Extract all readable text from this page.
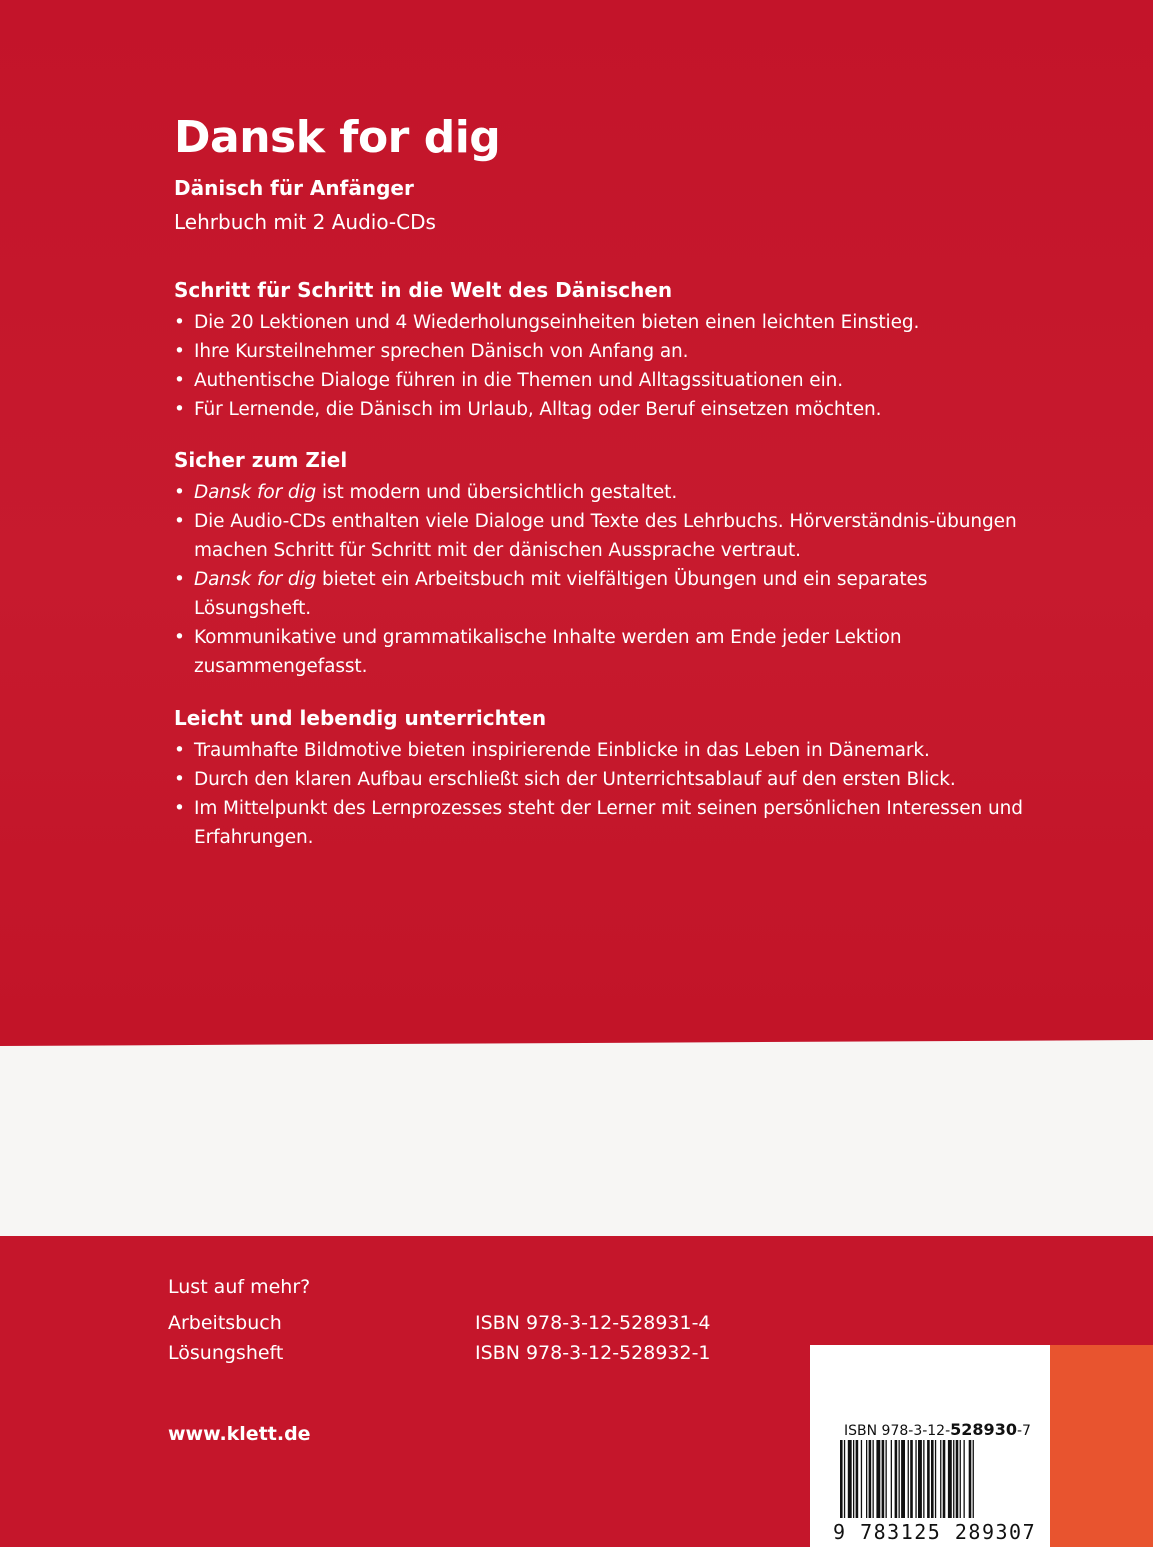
Dansk for dig
Dänisch für Anfänger
Lehrbuch mit 2 Audio-CDs
Schritt für Schritt in die Welt des Dänischen
• Die 20 Lektionen und 4 Wiederholungseinheiten bieten einen leichten Einstieg.
• Ihre Kursteilnehmer sprechen Dänisch von Anfang an.
• Authentische Dialoge führen in die Themen und Alltagssituationen ein.
• Für Lernende, die Dänisch im Urlaub, Alltag oder Beruf einsetzen möchten.
Sicher zum Ziel
• Dansk for dig ist modern und übersichtlich gestaltet.
• Die Audio-CDs enthalten viele Dialoge und Texte des Lehrbuchs. Hörverständnis-übungen machen Schritt für Schritt mit der dänischen Aussprache vertraut.
• Dansk for dig bietet ein Arbeitsbuch mit vielfältigen Übungen und ein separates Lösungsheft.
• Kommunikative und grammatikalische Inhalte werden am Ende jeder Lektion zusammengefasst.
Leicht und lebendig unterrichten
• Traumhafte Bildmotive bieten inspirierende Einblicke in das Leben in Dänemark.
• Durch den klaren Aufbau erschließt sich der Unterrichtsablauf auf den ersten Blick.
• Im Mittelpunkt des Lernprozesses steht der Lerner mit seinen persönlichen Interessen und Erfahrungen.
Lust auf mehr?
Arbeitsbuch	ISBN 978-3-12-528931-4
Lösungsheft	ISBN 978-3-12-528932-1
www.klett.de	ISBN 978-3-12-528930-7
9 783125 289307
